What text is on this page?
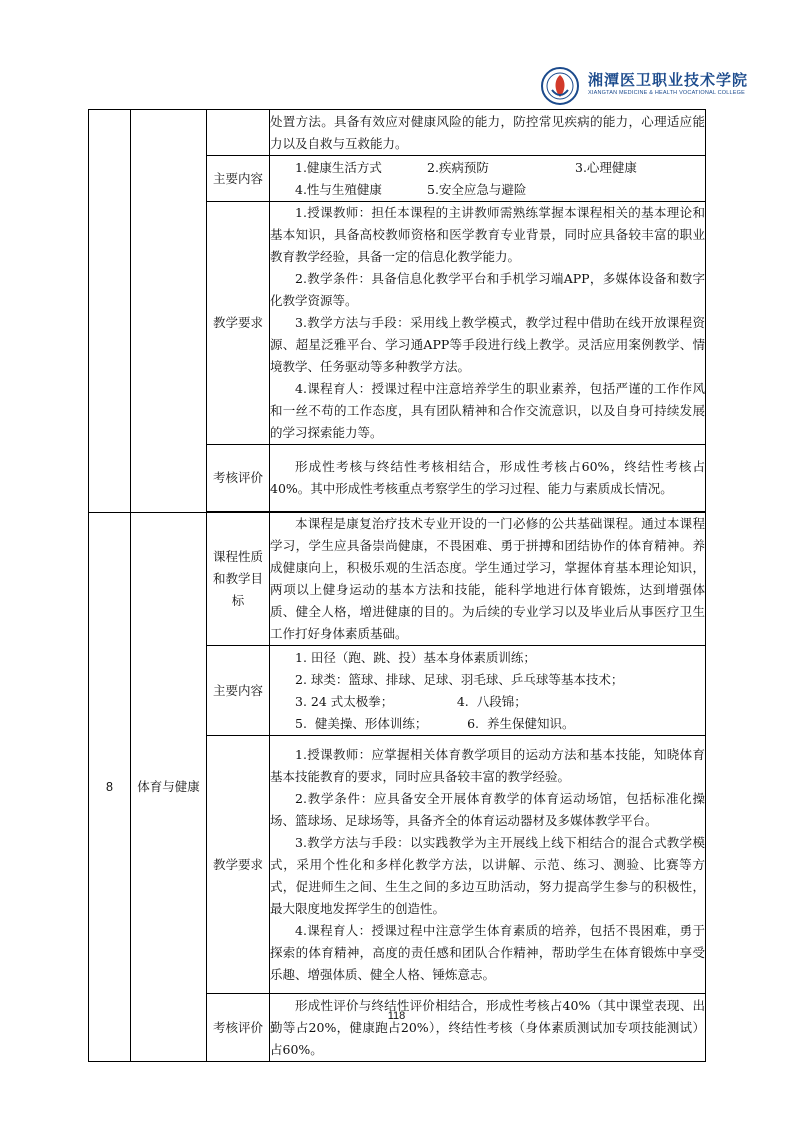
湘潭医卫职业技术学院
XIANGTAN MEDICINE & HEALTH VOCATIONAL COLLEGE

			处置方法。具备有效应对健康风险的能力，防控常见疾病的能力，心理适应能力以及自救与互救能力。

		主要内容	1.健康生活方式 2.疾病预防 3.心理健康
4.性与生殖健康 5.安全应急与避险

		教学要求	1.授课教师：担任本课程的主讲教师需熟练掌握本课程相关的基本理论和基本知识，具备高校教师资格和医学教育专业背景，同时应具备较丰富的职业教育教学经验，具备一定的信息化教学能力。

2.教学条件：具备信息化教学平台和手机学习端APP，多媒体设备和数字化教学资源等。

3.教学方法与手段：采用线上教学模式，教学过程中借助在线开放课程资源、超星泛雅平台、学习通APP等手段进行线上教学。灵活应用案例教学、情境教学、任务驱动等多种教学方法。

4.课程育人：授课过程中注意培养学生的职业素养，包括严谨的工作作风和一丝不苟的工作态度，具有团队精神和合作交流意识，以及自身可持续发展的学习探索能力等。

		考核评价	形成性考核与终结性考核相结合，形成性考核占60%，终结性考核占40%。其中形成性考核重点考察学生的学习过程、能力与素质成长情况。

8	体育与健康	课程性质和教学目标	本课程是康复治疗技术专业开设的一门必修的公共基础课程。通过本课程学习，学生应具备崇尚健康，不畏困难、勇于拼搏和团结协作的体育精神。养成健康向上，积极乐观的生活态度。学生通过学习，掌握体育基本理论知识，两项以上健身运动的基本方法和技能，能科学地进行体育锻炼，达到增强体质、健全人格，增进健康的目的。为后续的专业学习以及毕业后从事医疗卫生工作打好身体素质基础。

		主要内容	1. 田径（跑、跳、投）基本身体素质训练；

2. 球类：篮球、排球、足球、羽毛球、乒乓球等基本技术；

3. 24 式太极拳；                4.  八段锦；

5.  健美操、形体训练；          6.  养生保健知识。

		教学要求	1.授课教师：应掌握相关体育教学项目的运动方法和基本技能，知晓体育基本技能教育的要求，同时应具备较丰富的教学经验。

2.教学条件：应具备安全开展体育教学的体育运动场馆，包括标准化操场、篮球场、足球场等，具备齐全的体育运动器材及多媒体教学平台。

3.教学方法与手段：以实践教学为主开展线上线下相结合的混合式教学模式，采用个性化和多样化教学方法，以讲解、示范、练习、测验、比赛等方式，促进师生之间、生生之间的多边互助活动，努力提高学生参与的积极性，最大限度地发挥学生的创造性。

4.课程育人：授课过程中注意学生体育素质的培养，包括不畏困难，勇于探索的体育精神，高度的责任感和团队合作精神，帮助学生在体育锻炼中享受乐趣、增强体质、健全人格、锤炼意志。

		考核评价	形成性评价与终结性评价相结合，形成性考核占40%（其中课堂表现、出勤等占20%，健康跑占20%），终结性考核（身体素质测试加专项技能测试）占60%。

118
